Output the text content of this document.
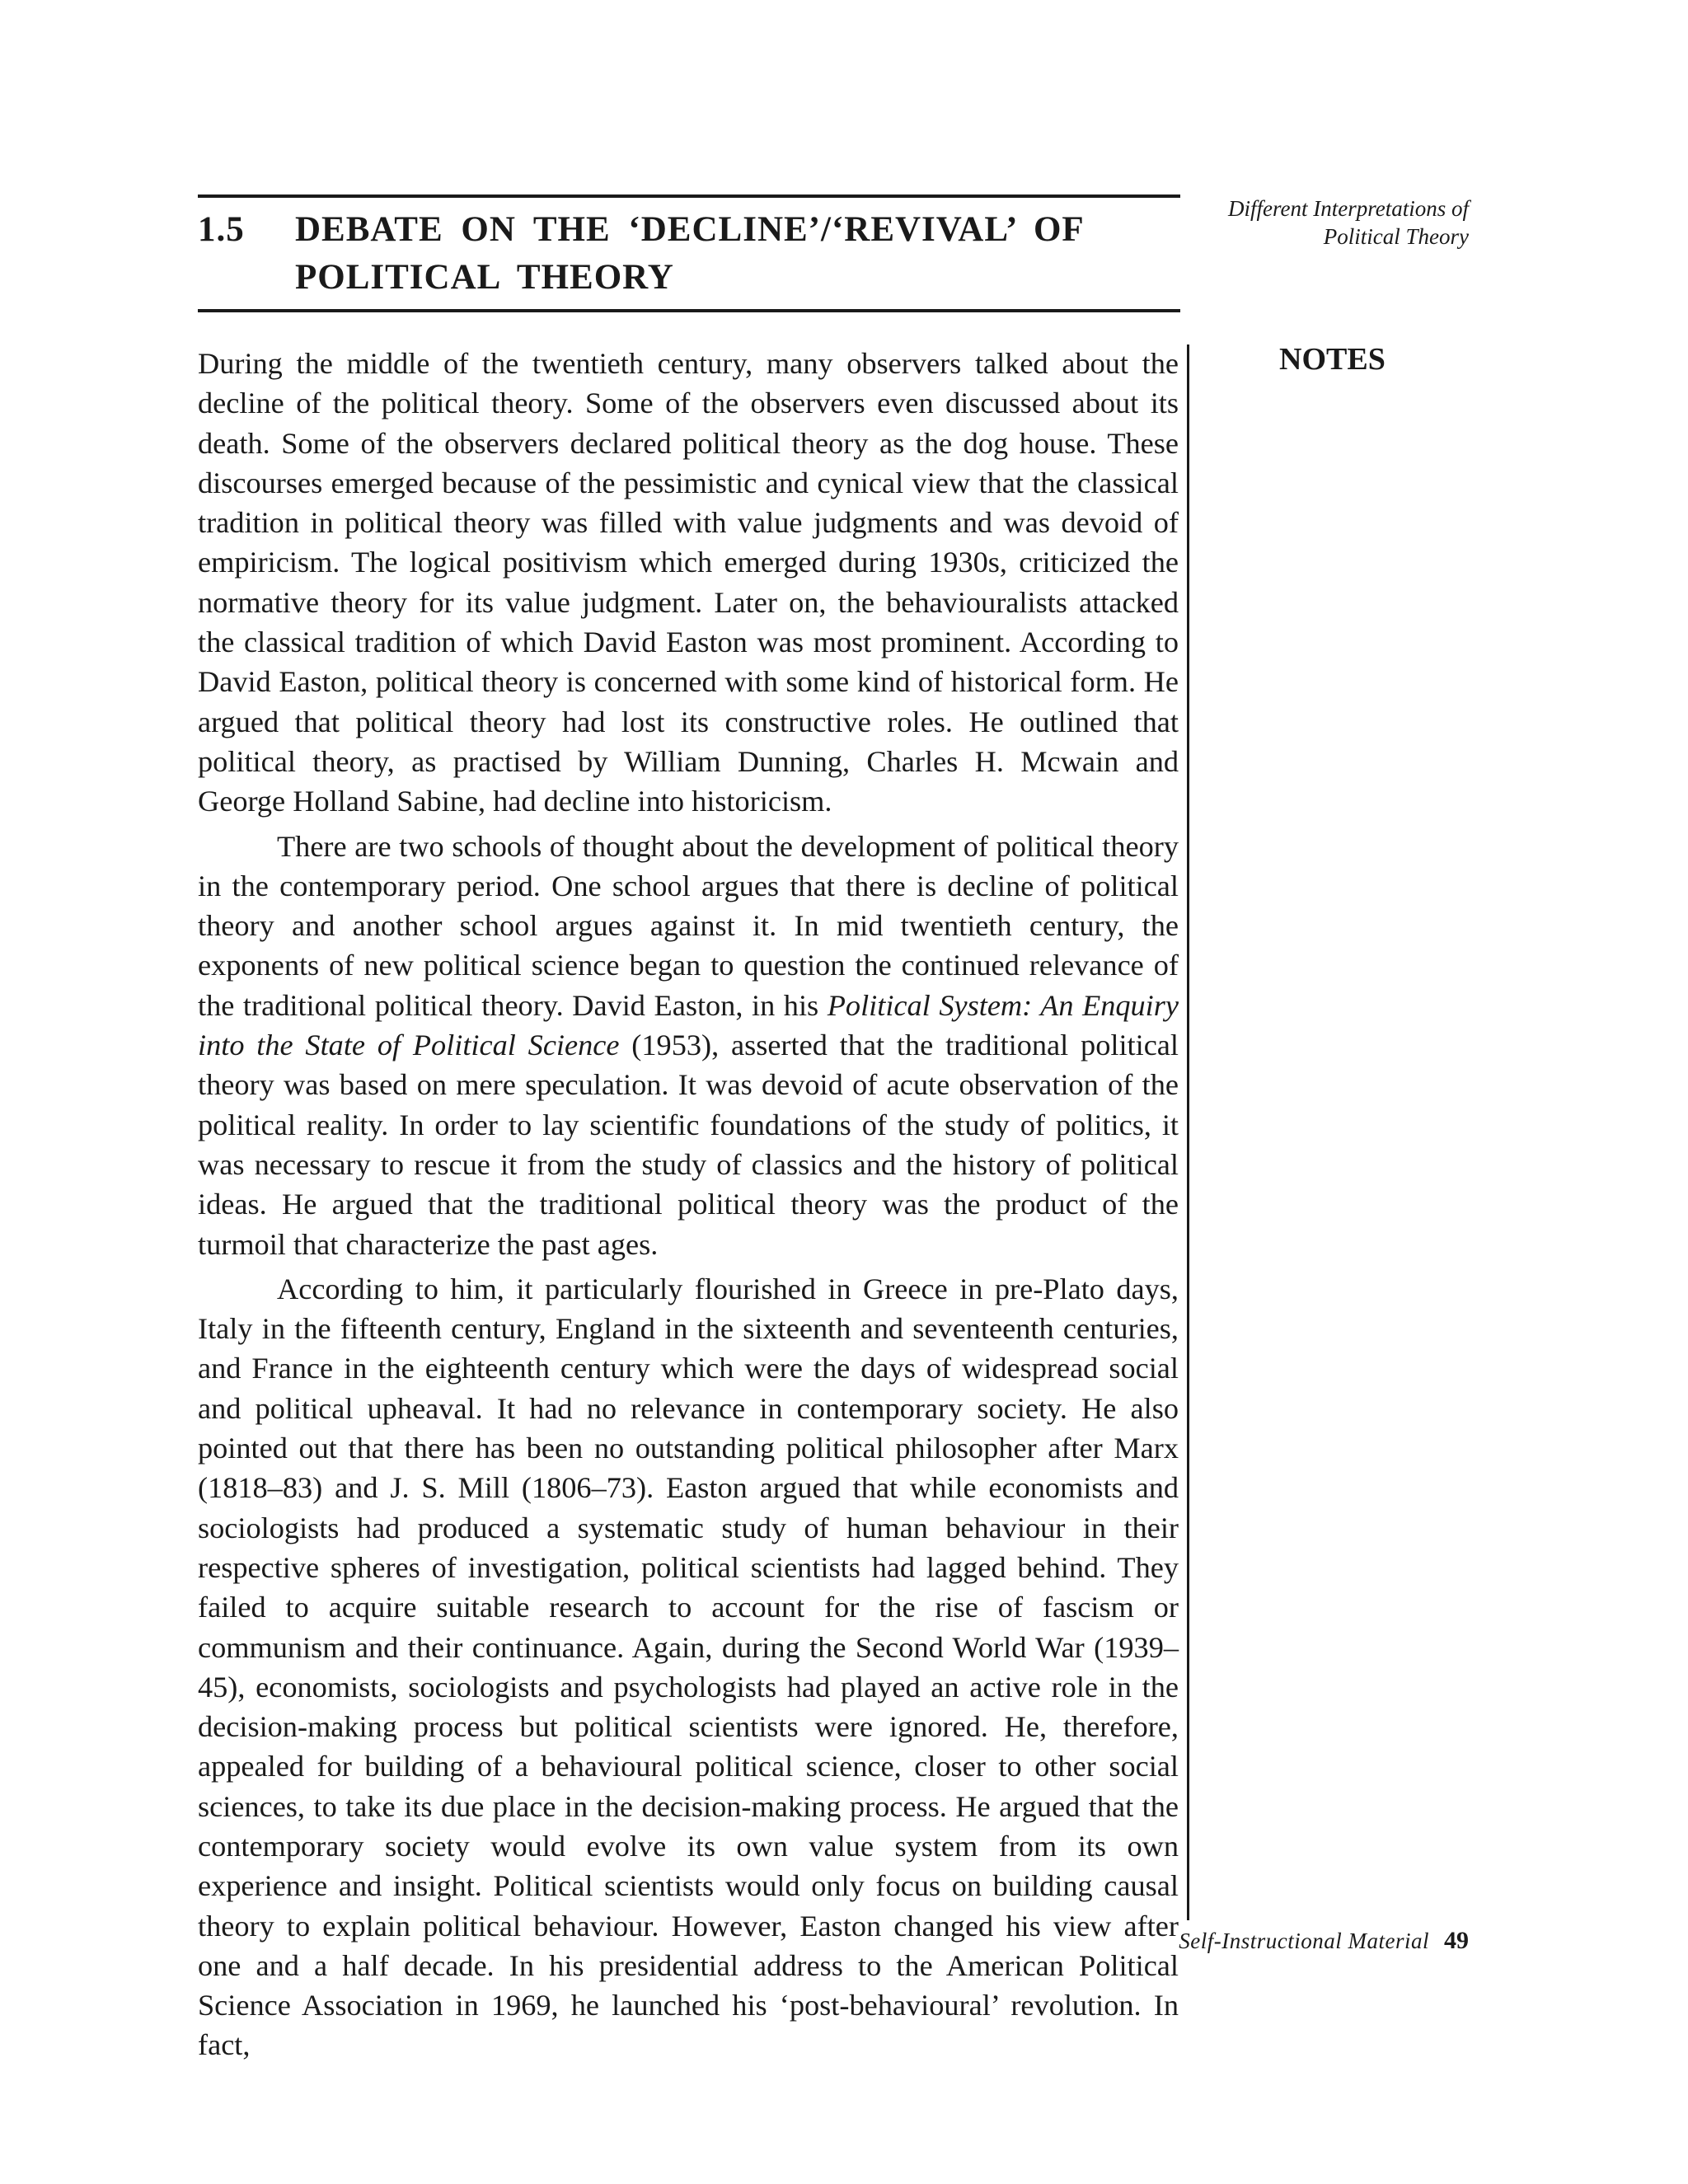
1.5 DEBATE ON THE ‘DECLINE’/‘REVIVAL’ OF POLITICAL THEORY
Different Interpretations of
Political Theory
NOTES

During the middle of the twentieth century, many observers talked about the decline of the political theory. Some of the observers even discussed about its death. Some of the observers declared political theory as the dog house. These discourses emerged because of the pessimistic and cynical view that the classical tradition in political theory was filled with value judgments and was devoid of empiricism. The logical positivism which emerged during 1930s, criticized the normative theory for its value judgment. Later on, the behaviouralists attacked the classical tradition of which David Easton was most prominent. According to David Easton, political theory is concerned with some kind of historical form. He argued that political theory had lost its constructive roles. He outlined that political theory, as practised by William Dunning, Charles H. Mcwain and George Holland Sabine, had decline into historicism.

There are two schools of thought about the development of political theory in the contemporary period. One school argues that there is decline of political theory and another school argues against it. In mid twentieth century, the exponents of new political science began to question the continued relevance of the traditional political theory. David Easton, in his Political System: An Enquiry into the State of Political Science (1953), asserted that the traditional political theory was based on mere speculation. It was devoid of acute observation of the political reality. In order to lay scientific foundations of the study of politics, it was necessary to rescue it from the study of classics and the history of political ideas. He argued that the traditional political theory was the product of the turmoil that characterize the past ages.

According to him, it particularly flourished in Greece in pre-Plato days, Italy in the fifteenth century, England in the sixteenth and seventeenth centuries, and France in the eighteenth century which were the days of widespread social and political upheaval. It had no relevance in contemporary society. He also pointed out that there has been no outstanding political philosopher after Marx (1818–83) and J. S. Mill (1806–73). Easton argued that while economists and sociologists had produced a systematic study of human behaviour in their respective spheres of investigation, political scientists had lagged behind. They failed to acquire suitable research to account for the rise of fascism or communism and their continuance. Again, during the Second World War (1939–45), economists, sociologists and psychologists had played an active role in the decision-making process but political scientists were ignored. He, therefore, appealed for building of a behavioural political science, closer to other social sciences, to take its due place in the decision-making process. He argued that the contemporary society would evolve its own value system from its own experience and insight. Political scientists would only focus on building causal theory to explain political behaviour. However, Easton changed his view after one and a half decade. In his presidential address to the American Political Science Association in 1969, he launched his ‘post-behavioural’ revolution. In fact,

Self-Instructional Material 49
